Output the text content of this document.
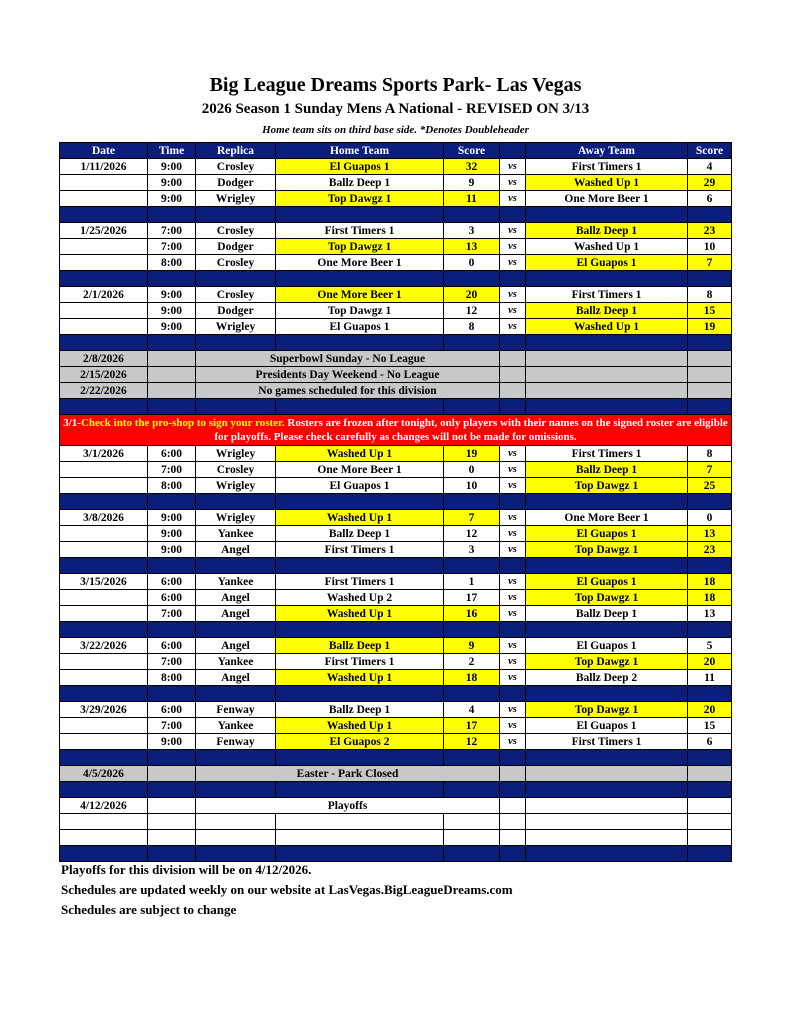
Big League Dreams Sports Park- Las Vegas
2026 Season 1 Sunday Mens A National - REVISED ON 3/13
Home team sits on third base side. *Denotes Doubleheader
Date	Time	Replica	Home Team	Score		Away Team	Score
1/11/2026	9:00	Crosley	El Guapos 1	32	vs	First Timers 1	4
	9:00	Dodger	Ballz Deep 1	9	vs	Washed Up 1	29
	9:00	Wrigley	Top Dawgz 1	11	vs	One More Beer 1	6

1/25/2026	7:00	Crosley	First Timers 1	3	vs	Ballz Deep 1	23
	7:00	Dodger	Top Dawgz 1	13	vs	Washed Up 1	10
	8:00	Crosley	One More Beer 1	0	vs	El Guapos 1	7

2/1/2026	9:00	Crosley	One More Beer 1	20	vs	First Timers 1	8
	9:00	Dodger	Top Dawgz 1	12	vs	Ballz Deep 1	15
	9:00	Wrigley	El Guapos 1	8	vs	Washed Up 1	19

2/8/2026		Superbowl Sunday - No League					
2/15/2026		Presidents Day Weekend - No League					
2/22/2026		No games scheduled for this division					

3/1-Check into the pro-shop to sign your roster. Rosters are frozen after tonight, only players with their names on the signed roster are eligible for playoffs. Please check carefully as changes will not be made for omissions.							
3/1/2026	6:00	Wrigley	Washed Up 1	19	vs	First Timers 1	8
	7:00	Crosley	One More Beer 1	0	vs	Ballz Deep 1	7
	8:00	Wrigley	El Guapos 1	10	vs	Top Dawgz 1	25

3/8/2026	9:00	Wrigley	Washed Up 1	7	vs	One More Beer 1	0
	9:00	Yankee	Ballz Deep 1	12	vs	El Guapos 1	13
	9:00	Angel	First Timers 1	3	vs	Top Dawgz 1	23

3/15/2026	6:00	Yankee	First Timers 1	1	vs	El Guapos 1	18
	6:00	Angel	Washed Up 2	17	vs	Top Dawgz 1	18
	7:00	Angel	Washed Up 1	16	vs	Ballz Deep 1	13

3/22/2026	6:00	Angel	Ballz Deep 1	9	vs	El Guapos 1	5
	7:00	Yankee	First Timers 1	2	vs	Top Dawgz 1	20
	8:00	Angel	Washed Up 1	18	vs	Ballz Deep 2	11

3/29/2026	6:00	Fenway	Ballz Deep 1	4	vs	Top Dawgz 1	20
	7:00	Yankee	Washed Up 1	17	vs	El Guapos 1	15
	9:00	Fenway	El Guapos 2	12	vs	First Timers 1	6

4/5/2026		Easter - Park Closed					

4/12/2026		Playoffs					

Playoffs for this division will be on 4/12/2026.
Schedules are updated weekly on our website at LasVegas.BigLeagueDreams.com
Schedules are subject to change
